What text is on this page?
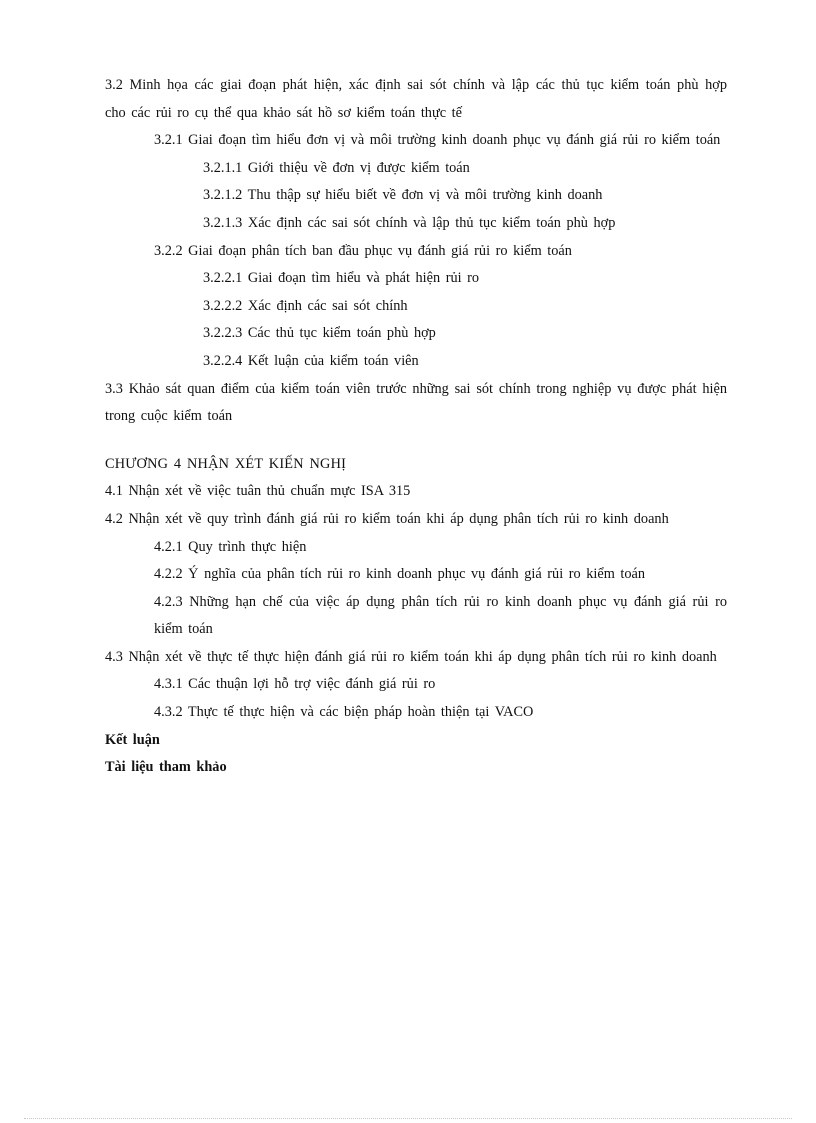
3.2 Minh họa các giai đoạn phát hiện, xác định sai sót chính và lập các thủ tục kiểm toán phù hợp cho các rủi ro cụ thể qua khảo sát hồ sơ kiểm toán thực tế
3.2.1 Giai đoạn tìm hiểu đơn vị và môi trường kinh doanh phục vụ đánh giá rủi ro kiểm toán
3.2.1.1 Giới thiệu về đơn vị được kiểm toán
3.2.1.2 Thu thập sự hiểu biết về đơn vị và môi trường kinh doanh
3.2.1.3 Xác định các sai sót chính và lập thủ tục kiểm toán phù hợp
3.2.2 Giai đoạn phân tích ban đầu phục vụ đánh giá rủi ro kiểm toán
3.2.2.1 Giai đoạn tìm hiểu và phát hiện rủi ro
3.2.2.2 Xác định các sai sót chính
3.2.2.3 Các thủ tục kiểm toán phù hợp
3.2.2.4 Kết luận của kiểm toán viên
3.3 Khảo sát quan điểm của kiểm toán viên trước những sai sót chính trong nghiệp vụ được phát hiện trong cuộc kiểm toán
CHƯƠNG 4 NHẬN XÉT KIẾN NGHỊ
4.1 Nhận xét về việc tuân thủ chuẩn mực ISA 315
4.2 Nhận xét về quy trình đánh giá rủi ro kiểm toán khi áp dụng phân tích rủi ro kinh doanh
4.2.1 Quy trình thực hiện
4.2.2 Ý nghĩa của phân tích rủi ro kinh doanh phục vụ đánh giá rủi ro kiểm toán
4.2.3 Những hạn chế của việc áp dụng phân tích rủi ro kinh doanh phục vụ đánh giá rủi ro kiểm toán
4.3 Nhận xét về thực tế thực hiện đánh giá rủi ro kiểm toán khi áp dụng phân tích rủi ro kinh doanh
4.3.1 Các thuận lợi hỗ trợ việc đánh giá rủi ro
4.3.2 Thực tế thực hiện và các biện pháp hoàn thiện tại VACO
Kết luận
Tài liệu tham khảo
